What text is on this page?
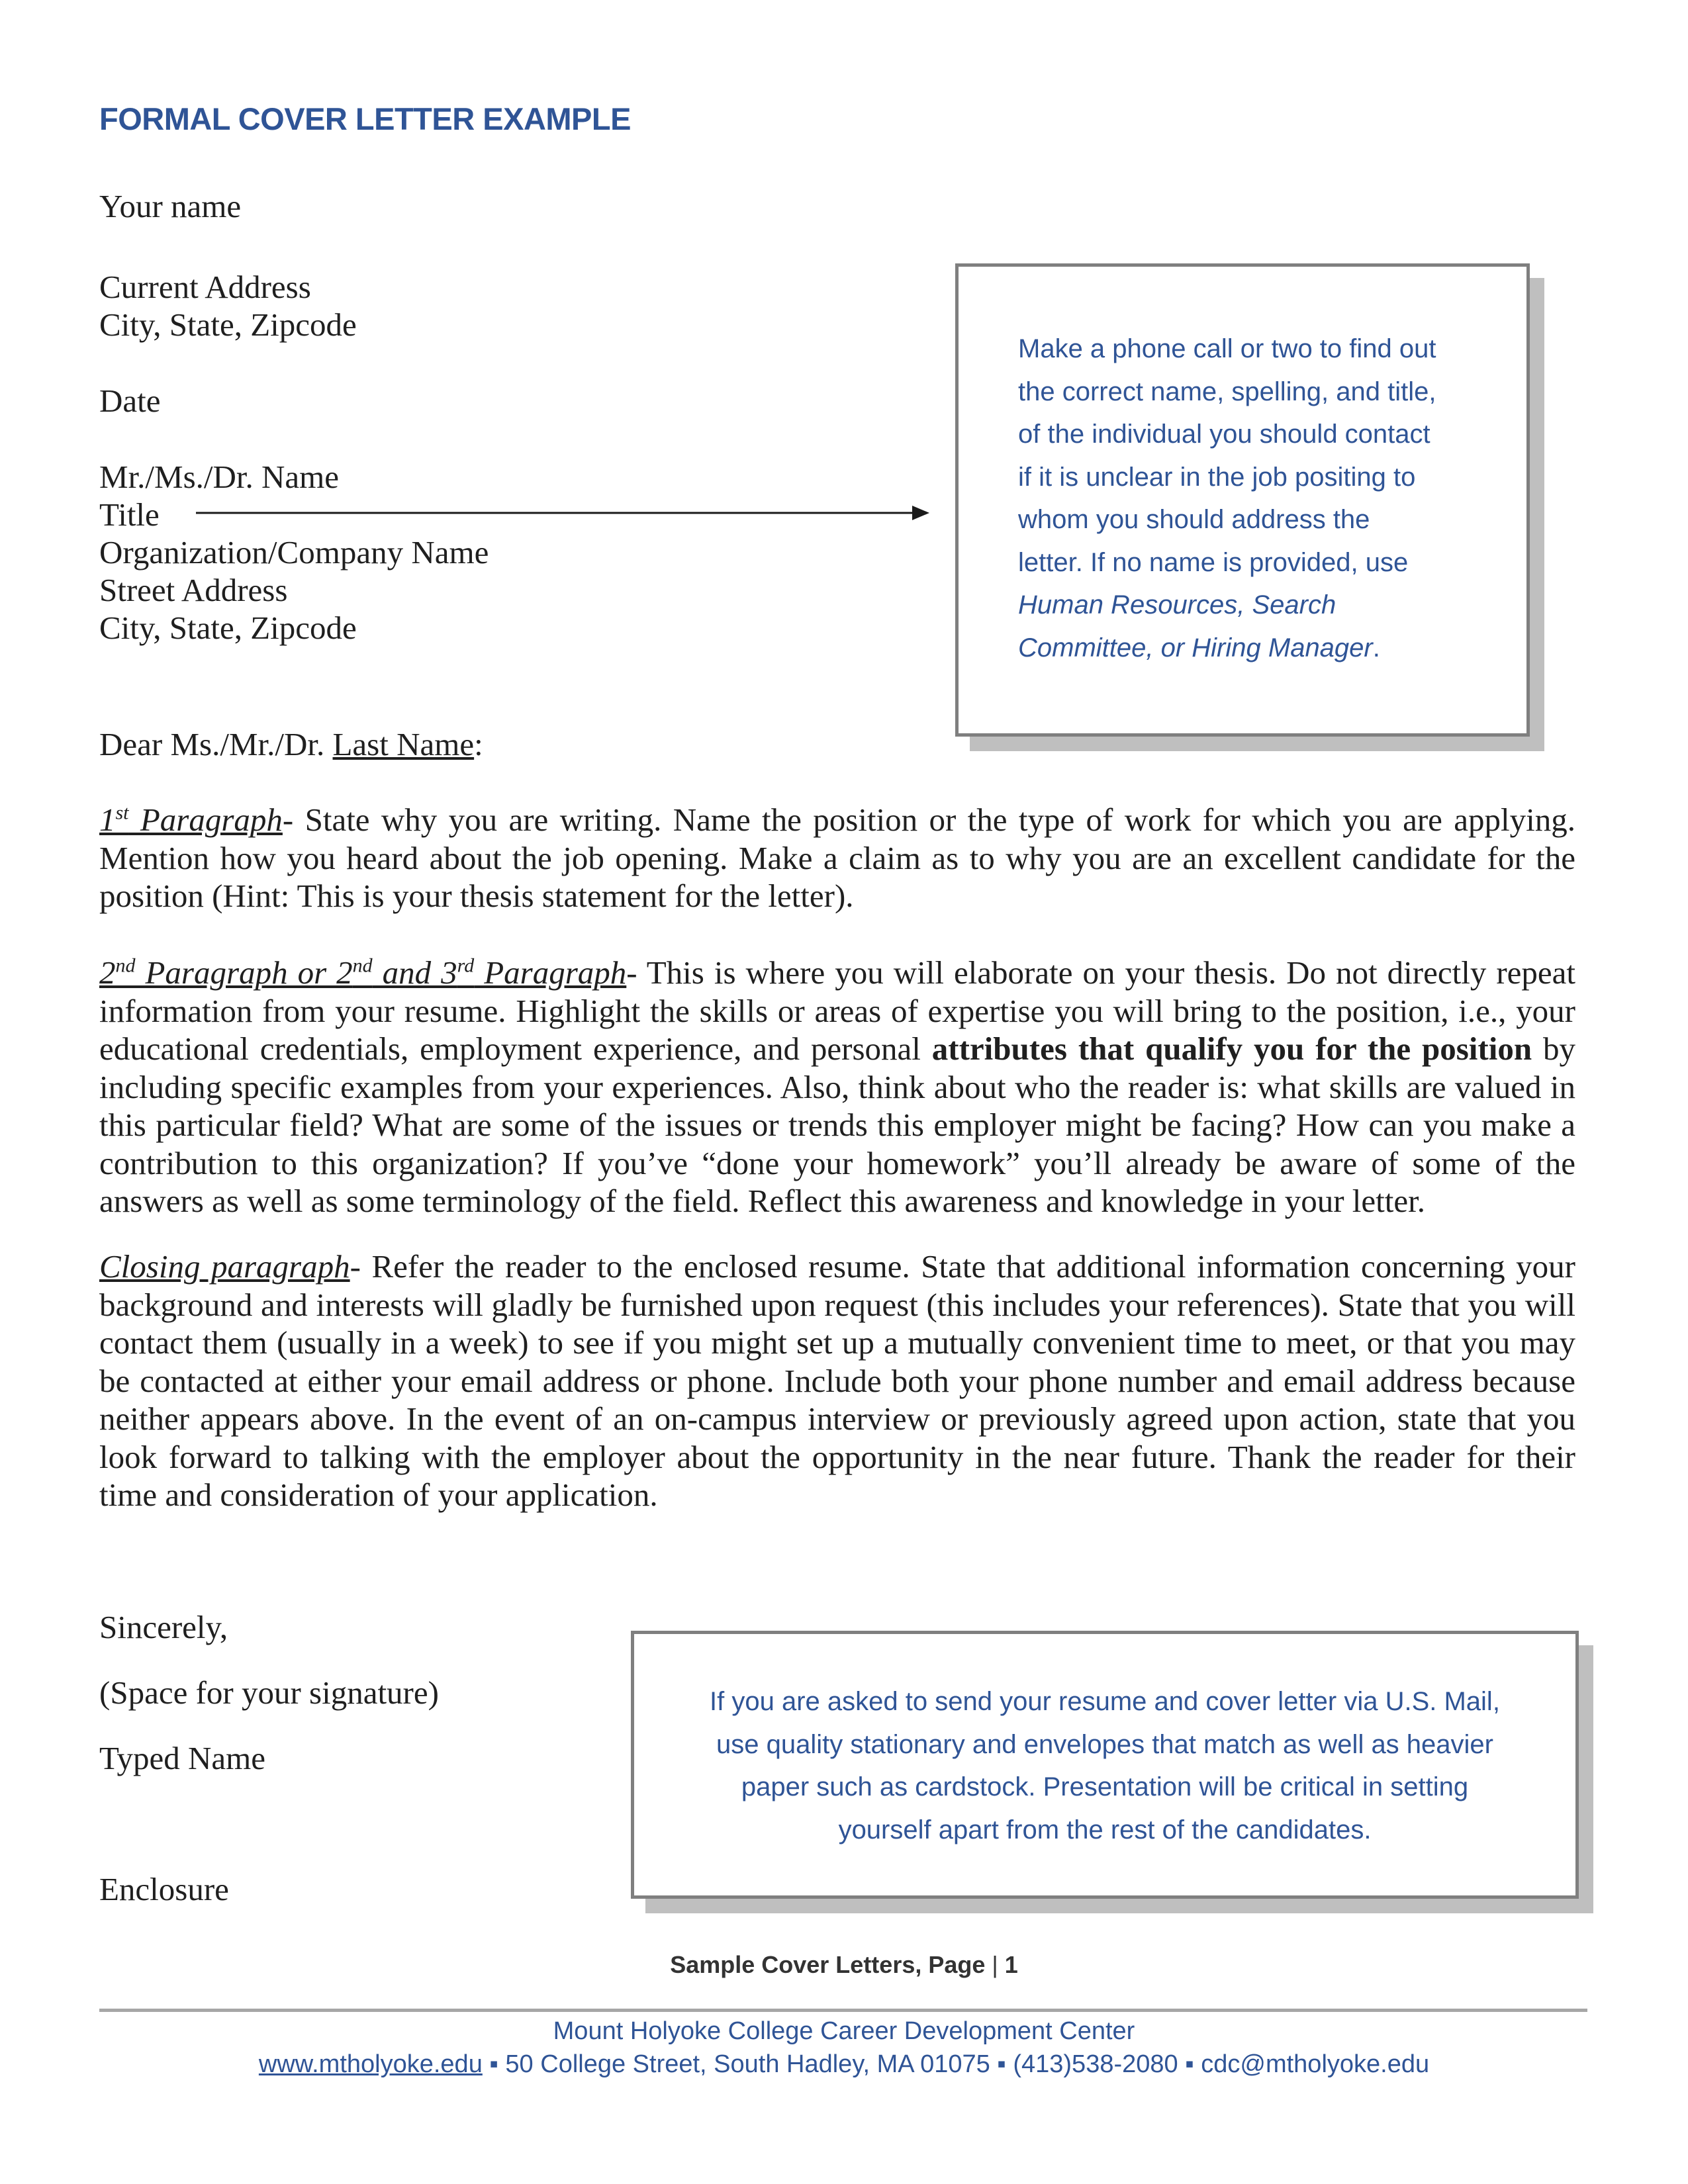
FORMAL COVER LETTER EXAMPLE
Your name
Current Address
City, State, Zipcode
Date
Mr./Ms./Dr. Name
Title
Organization/Company Name
Street Address
City, State, Zipcode
Make a phone call or two to find out
the correct name, spelling, and title,
of the individual you should contact
if it is unclear in the job positing to
whom you should address the
letter. If no name is provided, use
Human Resources, Search
Committee, or Hiring Manager.
Dear Ms./Mr./Dr. Last Name:
1st Paragraph- State why you are writing. Name the position or the type of work for which you are applying. Mention how you heard about the job opening. Make a claim as to why you are an excellent candidate for the position (Hint: This is your thesis statement for the letter).
2nd Paragraph or 2nd and 3rd Paragraph- This is where you will elaborate on your thesis. Do not directly repeat information from your resume. Highlight the skills or areas of expertise you will bring to the position, i.e., your educational credentials, employment experience, and personal attributes that qualify you for the position by including specific examples from your experiences. Also, think about who the reader is: what skills are valued in this particular field? What are some of the issues or trends this employer might be facing? How can you make a contribution to this organization? If you’ve “done your homework” you’ll already be aware of some of the answers as well as some terminology of the field. Reflect this awareness and knowledge in your letter.
Closing paragraph- Refer the reader to the enclosed resume. State that additional information concerning your background and interests will gladly be furnished upon request (this includes your references). State that you will contact them (usually in a week) to see if you might set up a mutually convenient time to meet, or that you may be contacted at either your email address or phone. Include both your phone number and email address because neither appears above. In the event of an on-campus interview or previously agreed upon action, state that you look forward to talking with the employer about the opportunity in the near future. Thank the reader for their time and consideration of your application.
Sincerely,
(Space for your signature)
Typed Name
Enclosure
If you are asked to send your resume and cover letter via U.S. Mail,
use quality stationary and envelopes that match as well as heavier
paper such as cardstock. Presentation will be critical in setting
yourself apart from the rest of the candidates.
Sample Cover Letters, Page | 1
Mount Holyoke College Career Development Center
www.mtholyoke.edu ▪ 50 College Street, South Hadley, MA 01075 ▪ (413)538-2080 ▪ cdc@mtholyoke.edu
